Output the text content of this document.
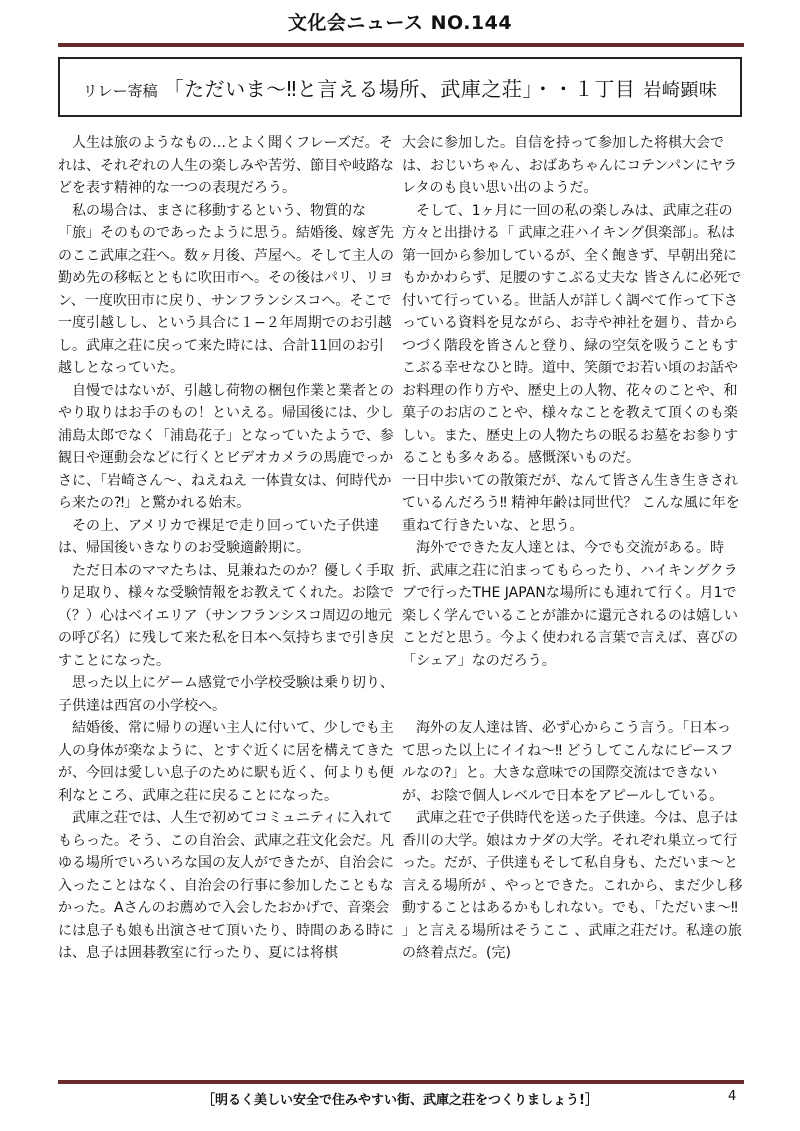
文化会ニュース NO.144
リレー寄稿 「ただいま〜‼と言える場所、武庫之荘」・・１丁目 岩崎顕味

人生は旅のようなもの…とよく聞くフレーズだ。それは、それぞれの人生の楽しみや苦労、節目や岐路などを表す精神的な一つの表現だろう。

私の場合は、まさに移動するという、物質的な「旅」そのものであったように思う。結婚後、嫁ぎ先のここ武庫之荘へ。数ヶ月後、芦屋へ。そして主人の勤め先の移転とともに吹田市へ。その後はパリ、リヨン、一度吹田市に戻り、サンフランシスコへ。そこで一度引越しし、という具合に１−２年周期でのお引越し。武庫之荘に戻って来た時には、合計11回のお引越しとなっていた。

自慢ではないが、引越し荷物の梱包作業と業者とのやり取りはお手のもの！といえる。帰国後には、少し浦島太郎でなく「浦島花子」となっていたようで、参観日や運動会などに行くとビデオカメラの馬鹿でっかさに、「岩崎さん〜、ねえねえ 一体貴女は、何時代から来たの⁈」と驚かれる始末。

その上、アメリカで裸足で走り回っていた子供達は、帰国後いきなりのお受験適齢期に。

ただ日本のママたちは、見兼ねたのか？優しく手取り足取り、様々な受験情報をお教えてくれた。お陰で（？）心はベイエリア（サンフランシスコ周辺の地元の呼び名）に残して来た私を日本へ気持ちまで引き戻すことになった。

思った以上にゲーム感覚で小学校受験は乗り切り、子供達は西宮の小学校へ。

結婚後、常に帰りの遅い主人に付いて、少しでも主人の身体が楽なように、とすぐ近くに居を構えてきたが、今回は愛しい息子のために駅も近く、何よりも便利なところ、武庫之荘に戻ることになった。

武庫之荘では、人生で初めてコミュニティに入れてもらった。そう、この自治会、武庫之荘文化会だ。凡ゆる場所でいろいろな国の友人ができたが、自治会に入ったことはなく、自治会の行事に参加したこともなかった。Aさんのお薦めで入会したおかげで、音楽会には息子も娘も出演させて頂いたり、時間のある時には、息子は囲碁教室に行ったり、夏には将棋

大会に参加した。自信を持って参加した将棋大会では、おじいちゃん、おばあちゃんにコテンパンにヤラレタのも良い思い出のようだ。

そして、1ヶ月に一回の私の楽しみは、武庫之荘の方々と出掛ける「 武庫之荘ハイキング倶楽部」。私は第一回から参加しているが、全く飽きず、早朝出発にもかかわらず、足腰のすこぶる丈夫な 皆さんに必死で付いて行っている。世話人が詳しく調べて作って下さっている資料を見ながら、お寺や神社を廻り、昔からつづく階段を皆さんと登り、緑の空気を吸うこともすこぶる幸せなひと時。道中、笑顔でお若い頃のお話やお料理の作り方や、歴史上の人物、花々のことや、和菓子のお店のことや、様々なことを教えて頂くのも楽しい。また、歴史上の人物たちの眠るお墓をお参りすることも多々ある。感慨深いものだ。

一日中歩いての散策だが、なんて皆さん生き生きされているんだろう‼ 精神年齢は同世代？ こんな風に年を重ねて行きたいな、と思う。

海外でできた友人達とは、今でも交流がある。時折、武庫之荘に泊まってもらったり、ハイキングクラブで行ったTHE JAPANな場所にも連れて行く。月1で楽しく学んでいることが誰かに還元されるのは嬉しいことだと思う。今よく使われる言葉で言えば、喜びの「シェア」なのだろう。

海外の友人達は皆、必ず心からこう言う。「日本って思った以上にイイね〜‼ どうしてこんなにピースフルなの?」と。大きな意味での国際交流はできないが、お陰で個人レベルで日本をアピールしている。

武庫之荘で子供時代を送った子供達。今は、息子は香川の大学。娘はカナダの大学。それぞれ巣立って行った。だが、子供達もそして私自身も、ただいま〜と言える場所が 、やっとできた。これから、まだ少し移動することはあるかもしれない。でも、「ただいま〜‼ 」と言える場所はそうここ 、武庫之荘だけ。私達の旅の終着点だ。(完)

［明るく美しい安全で住みやすい街、武庫之荘をつくりましょう!］	4
